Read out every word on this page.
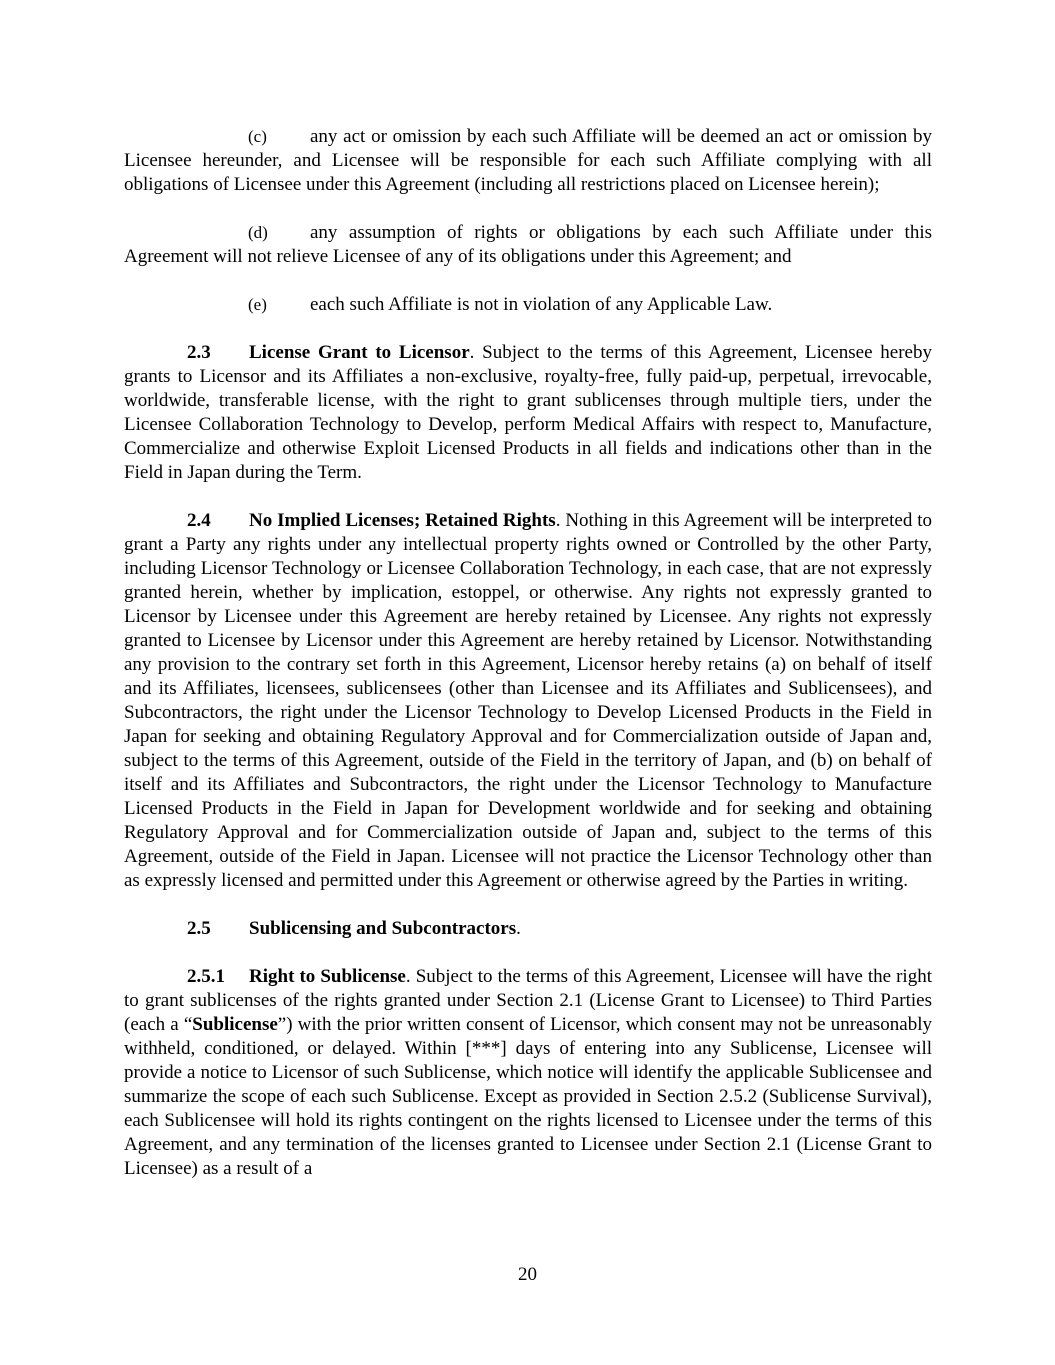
(c) any act or omission by each such Affiliate will be deemed an act or omission by Licensee hereunder, and Licensee will be responsible for each such Affiliate complying with all obligations of Licensee under this Agreement (including all restrictions placed on Licensee herein);

(d) any assumption of rights or obligations by each such Affiliate under this Agreement will not relieve Licensee of any of its obligations under this Agreement; and

(e) each such Affiliate is not in violation of any Applicable Law.

2.3 License Grant to Licensor. Subject to the terms of this Agreement, Licensee hereby grants to Licensor and its Affiliates a non-exclusive, royalty-free, fully paid-up, perpetual, irrevocable, worldwide, transferable license, with the right to grant sublicenses through multiple tiers, under the Licensee Collaboration Technology to Develop, perform Medical Affairs with respect to, Manufacture, Commercialize and otherwise Exploit Licensed Products in all fields and indications other than in the Field in Japan during the Term.

2.4 No Implied Licenses; Retained Rights. Nothing in this Agreement will be interpreted to grant a Party any rights under any intellectual property rights owned or Controlled by the other Party, including Licensor Technology or Licensee Collaboration Technology, in each case, that are not expressly granted herein, whether by implication, estoppel, or otherwise. Any rights not expressly granted to Licensor by Licensee under this Agreement are hereby retained by Licensee. Any rights not expressly granted to Licensee by Licensor under this Agreement are hereby retained by Licensor. Notwithstanding any provision to the contrary set forth in this Agreement, Licensor hereby retains (a) on behalf of itself and its Affiliates, licensees, sublicensees (other than Licensee and its Affiliates and Sublicensees), and Subcontractors, the right under the Licensor Technology to Develop Licensed Products in the Field in Japan for seeking and obtaining Regulatory Approval and for Commercialization outside of Japan and, subject to the terms of this Agreement, outside of the Field in the territory of Japan, and (b) on behalf of itself and its Affiliates and Subcontractors, the right under the Licensor Technology to Manufacture Licensed Products in the Field in Japan for Development worldwide and for seeking and obtaining Regulatory Approval and for Commercialization outside of Japan and, subject to the terms of this Agreement, outside of the Field in Japan. Licensee will not practice the Licensor Technology other than as expressly licensed and permitted under this Agreement or otherwise agreed by the Parties in writing.

2.5 Sublicensing and Subcontractors.

2.5.1 Right to Sublicense. Subject to the terms of this Agreement, Licensee will have the right to grant sublicenses of the rights granted under Section 2.1 (License Grant to Licensee) to Third Parties (each a “Sublicense”) with the prior written consent of Licensor, which consent may not be unreasonably withheld, conditioned, or delayed. Within [***] days of entering into any Sublicense, Licensee will provide a notice to Licensor of such Sublicense, which notice will identify the applicable Sublicensee and summarize the scope of each such Sublicense. Except as provided in Section 2.5.2 (Sublicense Survival), each Sublicensee will hold its rights contingent on the rights licensed to Licensee under the terms of this Agreement, and any termination of the licenses granted to Licensee under Section 2.1 (License Grant to Licensee) as a result of a

20
